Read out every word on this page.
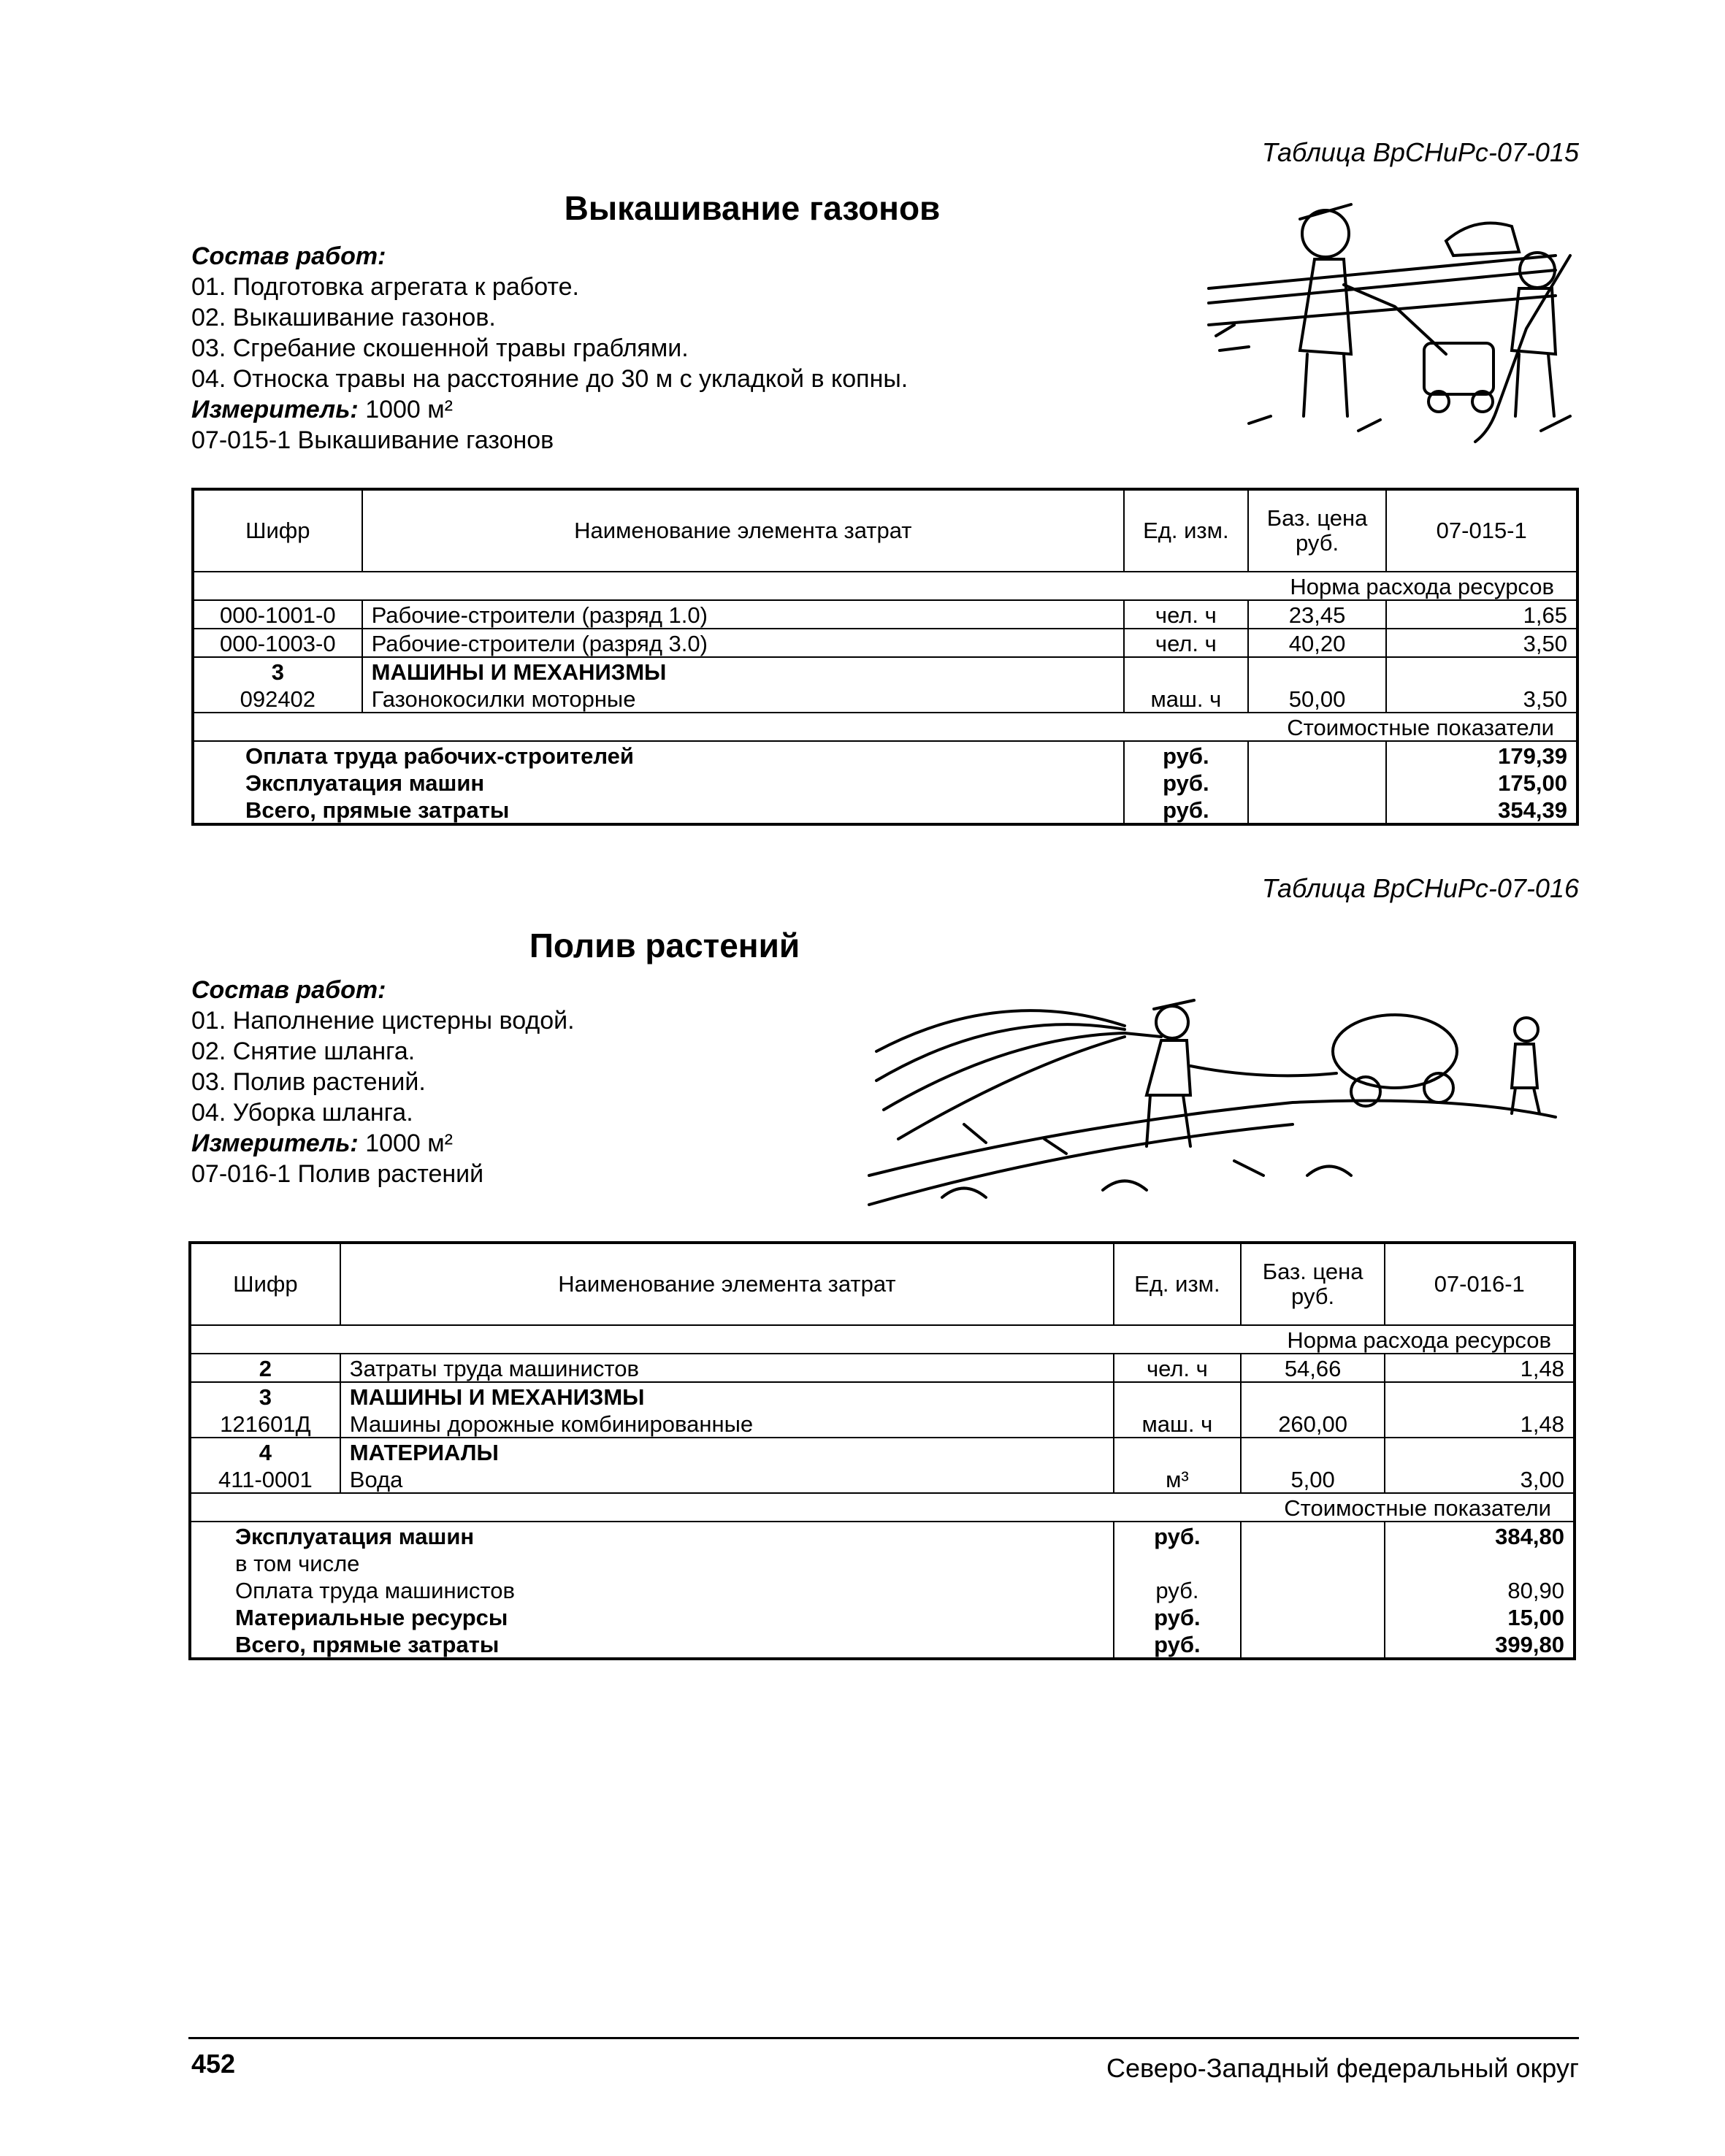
Таблица ВрСНиРс-07-015
Выкашивание газонов
Состав работ:
01. Подготовка агрегата к работе.
02. Выкашивание газонов.
03. Сгребание скошенной травы граблями.
04. Относка травы на расстояние до 30 м с укладкой в копны.
Измеритель: 1000 м²
07-015-1 Выкашивание газонов
Шифр	Наименование элемента затрат	Ед. изм.	Баз. цена руб.	07-015-1
Норма расхода ресурсов				
000-1001-0	Рабочие-строители (разряд 1.0)	чел. ч	23,45	1,65
000-1003-0	Рабочие-строители (разряд 3.0)	чел. ч	40,20	3,50
3	МАШИНЫ И МЕХАНИЗМЫ			
092402	Газонокосилки моторные	маш. ч	50,00	3,50
Стоимостные показатели				
Оплата труда рабочих-строителей		руб.		179,39
Эксплуатация машин		руб.		175,00
Всего, прямые затраты		руб.		354,39
Таблица ВрСНиРс-07-016
Полив растений
Состав работ:
01. Наполнение цистерны водой.
02. Снятие шланга.
03. Полив растений.
04. Уборка шланга.
Измеритель: 1000 м²
07-016-1 Полив растений
Шифр	Наименование элемента затрат	Ед. изм.	Баз. цена руб.	07-016-1
Норма расхода ресурсов				
2	Затраты труда машинистов	чел. ч	54,66	1,48
3	МАШИНЫ И МЕХАНИЗМЫ			
121601Д	Машины дорожные комбинированные	маш. ч	260,00	1,48
4	МАТЕРИАЛЫ			
411-0001	Вода	м³	5,00	3,00
Стоимостные показатели				
Эксплуатация машин		руб.		384,80
в том числе				
Оплата труда машинистов		руб.		80,90
Материальные ресурсы		руб.		15,00
Всего, прямые затраты		руб.		399,80
452	Северо-Западный федеральный округ
